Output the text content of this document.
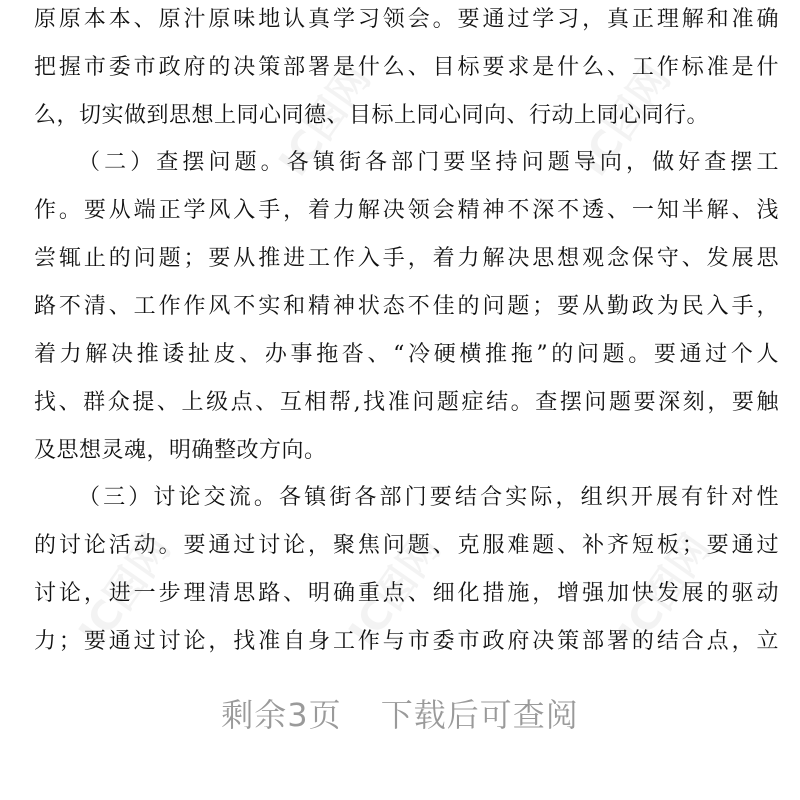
IC图网
IC图网
IC图网
IC图网
IC图网
原原本本、原汁原味地认真学习领会。要通过学习，真正理解和准确
把握市委市政府的决策部署是什么、目标要求是什么、工作标准是什
么，切实做到思想上同心同德、目标上同心同向、行动上同心同行。
（二）查摆问题。各镇街各部门要坚持问题导向，做好查摆工
作。要从端正学风入手，着力解决领会精神不深不透、一知半解、浅
尝辄止的问题；要从推进工作入手，着力解决思想观念保守、发展思
路不清、工作作风不实和精神状态不佳的问题；要从勤政为民入手，
着力解决推诿扯皮、办事拖沓、“冷硬横推拖”的问题。要通过个人
找、群众提、上级点、互相帮,找准问题症结。查摆问题要深刻，要触
及思想灵魂，明确整改方向。
（三）讨论交流。各镇街各部门要结合实际，组织开展有针对性
的讨论活动。要通过讨论，聚焦问题、克服难题、补齐短板；要通过
讨论，进一步理清思路、明确重点、细化措施，增强加快发展的驱动
力；要通过讨论，找准自身工作与市委市政府决策部署的结合点，立
剩余3页 下载后可查阅
